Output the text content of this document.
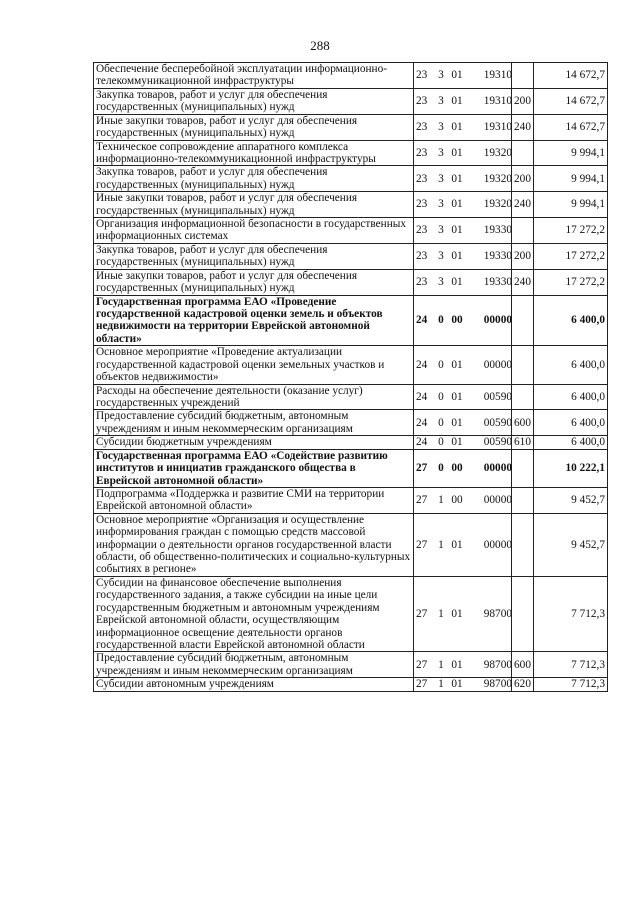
288
Обеспечение бесперебойной эксплуатации информационно-телекоммуникационной инфраструктуры	23 3 01 19310		14 672,7
Закупка товаров, работ и услуг для обеспечения государственных (муниципальных) нужд	23 3 01 19310	200	14 672,7
Иные закупки товаров, работ и услуг для обеспечения государственных (муниципальных) нужд	23 3 01 19310	240	14 672,7
Техническое сопровождение аппаратного комплекса информационно-телекоммуникационной инфраструктуры	23 3 01 19320		9 994,1
Закупка товаров, работ и услуг для обеспечения государственных (муниципальных) нужд	23 3 01 19320	200	9 994,1
Иные закупки товаров, работ и услуг для обеспечения государственных (муниципальных) нужд	23 3 01 19320	240	9 994,1
Организация информационной безопасности в государственных информационных системах	23 3 01 19330		17 272,2
Закупка товаров, работ и услуг для обеспечения государственных (муниципальных) нужд	23 3 01 19330	200	17 272,2
Иные закупки товаров, работ и услуг для обеспечения государственных (муниципальных) нужд	23 3 01 19330	240	17 272,2
Государственная программа ЕАО «Проведение государственной кадастровой оценки земель и объектов недвижимости на территории Еврейской автономной области»	24 0 00 00000		6 400,0
Основное мероприятие «Проведение актуализации государственной кадастровой оценки земельных участков и объектов недвижимости»	24 0 01 00000		6 400,0
Расходы на обеспечение деятельности (оказание услуг) государственных учреждений	24 0 01 00590		6 400,0
Предоставление субсидий бюджетным, автономным учреждениям и иным некоммерческим организациям	24 0 01 00590	600	6 400,0
Субсидии бюджетным учреждениям	24 0 01 00590	610	6 400,0
Государственная программа ЕАО «Содействие развитию институтов и инициатив гражданского общества в Еврейской автономной области»	27 0 00 00000		10 222,1
Подпрограмма «Поддержка и развитие СМИ на территории Еврейской автономной области»	27 1 00 00000		9 452,7
Основное мероприятие «Организация и осуществление информирования граждан с помощью средств массовой информации о деятельности органов государственной власти области, об общественно-политических и социально-культурных событиях в регионе»	27 1 01 00000		9 452,7
Субсидии на финансовое обеспечение выполнения государственного задания, а также субсидии на иные цели государственным бюджетным и автономным учреждениям Еврейской автономной области, осуществляющим информационное освещение деятельности органов государственной власти Еврейской автономной области	27 1 01 98700		7 712,3
Предоставление субсидий бюджетным, автономным учреждениям и иным некоммерческим организациям	27 1 01 98700	600	7 712,3
Субсидии автономным учреждениям	27 1 01 98700	620	7 712,3
